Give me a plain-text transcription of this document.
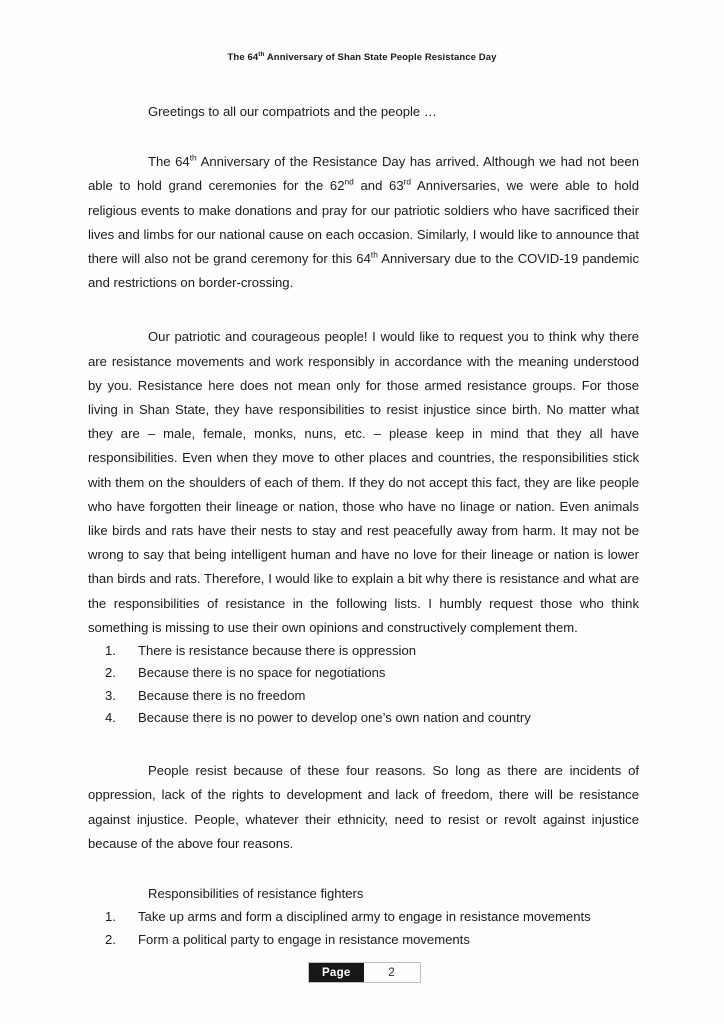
The 64th Anniversary of Shan State People Resistance Day

Greetings to all our compatriots and the people …

The 64th Anniversary of the Resistance Day has arrived. Although we had not been able to hold grand ceremonies for the 62nd and 63rd Anniversaries, we were able to hold religious events to make donations and pray for our patriotic soldiers who have sacrificed their lives and limbs for our national cause on each occasion. Similarly, I would like to announce that there will also not be grand ceremony for this 64th Anniversary due to the COVID-19 pandemic and restrictions on border-crossing.

Our patriotic and courageous people! I would like to request you to think why there are resistance movements and work responsibly in accordance with the meaning understood by you. Resistance here does not mean only for those armed resistance groups. For those living in Shan State, they have responsibilities to resist injustice since birth. No matter what they are – male, female, monks, nuns, etc. – please keep in mind that they all have responsibilities. Even when they move to other places and countries, the responsibilities stick with them on the shoulders of each of them. If they do not accept this fact, they are like people who have forgotten their lineage or nation, those who have no linage or nation. Even animals like birds and rats have their nests to stay and rest peacefully away from harm. It may not be wrong to say that being intelligent human and have no love for their lineage or nation is lower than birds and rats. Therefore, I would like to explain a bit why there is resistance and what are the responsibilities of resistance in the following lists. I humbly request those who think something is missing to use their own opinions and constructively complement them.

1.	There is resistance because there is oppression
2.	Because there is no space for negotiations
3.	Because there is no freedom
4.	Because there is no power to develop one’s own nation and country

People resist because of these four reasons. So long as there are incidents of oppression, lack of the rights to development and lack of freedom, there will be resistance against injustice. People, whatever their ethnicity, need to resist or revolt against injustice because of the above four reasons.

Responsibilities of resistance fighters

1.	Take up arms and form a disciplined army to engage in resistance movements
2.	Form a political party to engage in resistance movements
Page	2
